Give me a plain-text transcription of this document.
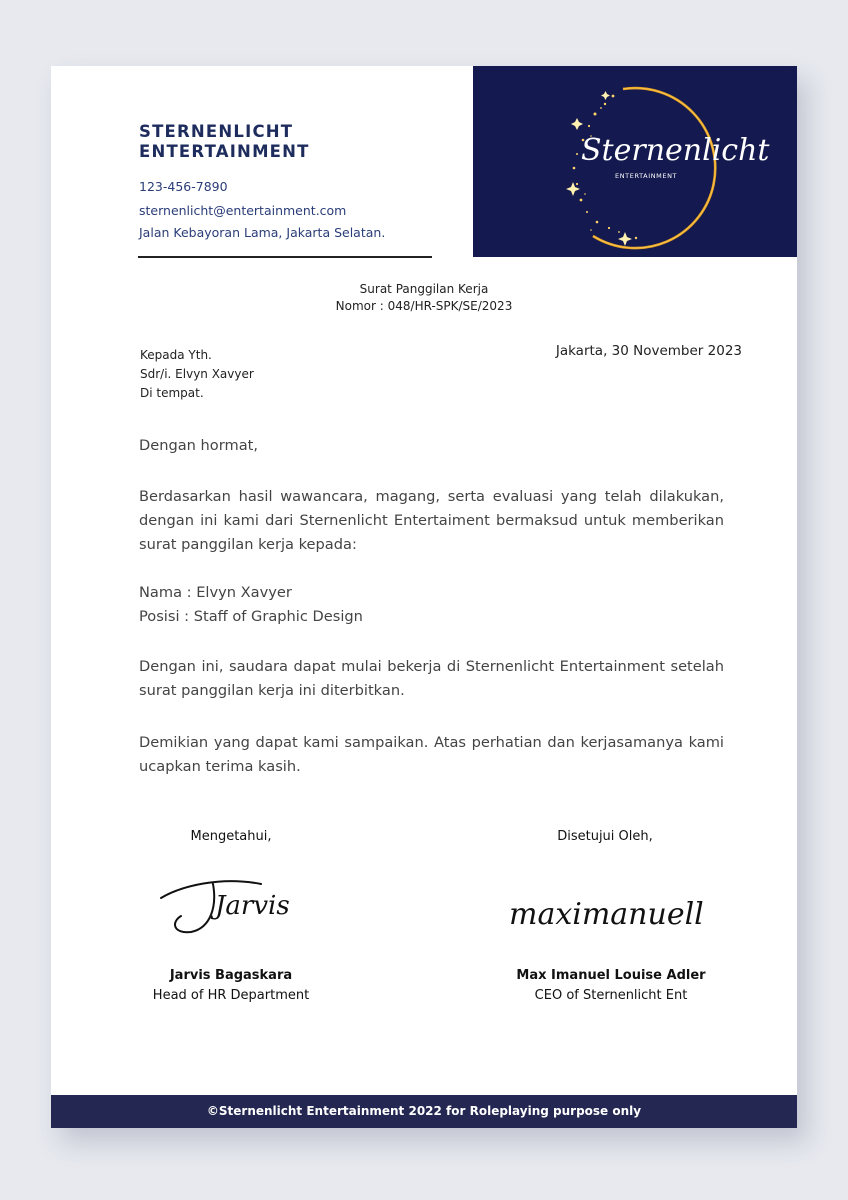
STERNENLICHT
ENTERTAINMENT
123-456-7890
sternenlicht@entertainment.com
Jalan Kebayoran Lama, Jakarta Selatan.
Sternenlicht
ENTERTAINMENT
Surat Panggilan Kerja
Nomor : 048/HR-SPK/SE/2023
Kepada Yth.
Sdr/i. Elvyn Xavyer
Di tempat.
Jakarta, 30 November 2023
Dengan hormat,
Berdasarkan hasil wawancara, magang, serta evaluasi yang telah dilakukan, dengan ini kami dari Sternenlicht Entertaiment bermaksud untuk memberikan surat panggilan kerja kepada:
Nama : Elvyn Xavyer
Posisi : Staff of Graphic Design
Dengan ini, saudara dapat mulai bekerja di Sternenlicht Entertainment setelah surat panggilan kerja ini diterbitkan.
Demikian yang dapat kami sampaikan. Atas perhatian dan kerjasamanya kami ucapkan terima kasih.
Mengetahui,
Jarvis
Jarvis Bagaskara
Head of HR Department
Disetujui Oleh,
maximanuell
Max Imanuel Louise Adler
CEO of Sternenlicht Ent
©Sternenlicht Entertainment 2022 for Roleplaying purpose only
